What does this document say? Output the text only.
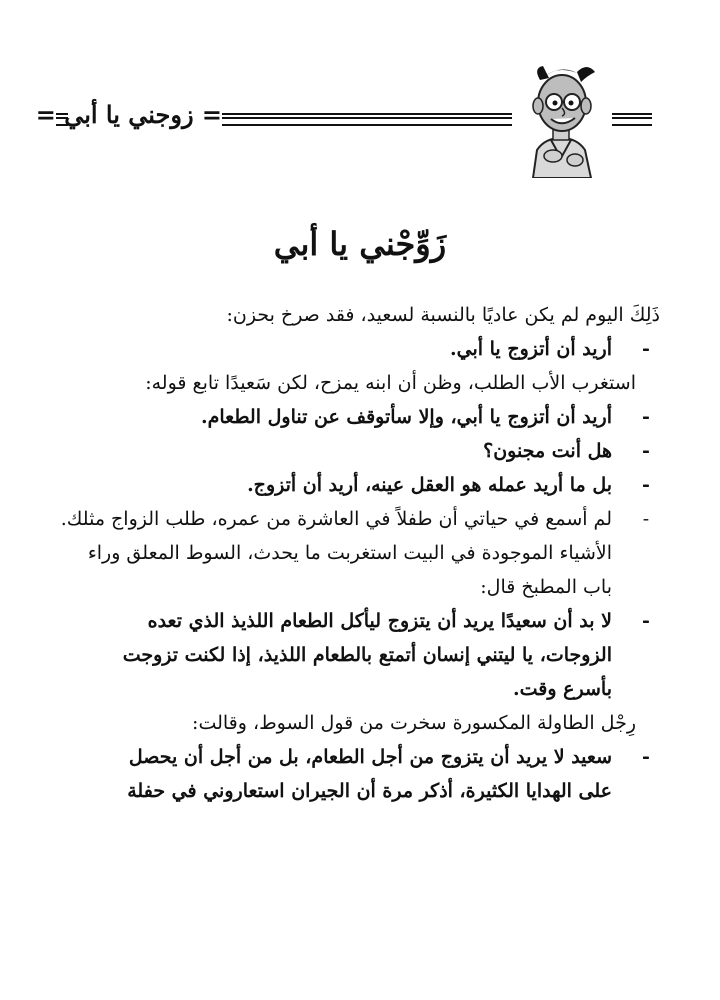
= زوجني يا أبي =
زَوِّجْني يا أبي
ذَلِكَ اليوم لم يكن عاديًا بالنسبة لسعيد، فقد صرخ بحزن:
-
أريد أن أتزوج يا أبي.
استغرب الأب الطلب، وظن أن ابنه يمزح، لكن سَعيدًا تابع قوله:
-
أريد أن أتزوج يا أبي، وإلا سأتوقف عن تناول الطعام.
-
هل أنت مجنون؟
-
بل ما أريد عمله هو العقل عينه، أريد أن أتزوج.
-
لم أسمع في حياتي أن طفلاً في العاشرة من عمره، طلب الزواج مثلك.
الأشياء الموجودة في البيت استغربت ما يحدث، السوط المعلق وراء
باب المطبخ قال:
-
لا بد أن سعيدًا يريد أن يتزوج ليأكل الطعام اللذيذ الذي تعده
الزوجات، يا ليتني إنسان أتمتع بالطعام اللذيذ، إذا لكنت تزوجت
بأسرع وقت.
رِجْل الطاولة المكسورة سخرت من قول السوط، وقالت:
-
سعيد لا يريد أن يتزوج من أجل الطعام، بل من أجل أن يحصل
على الهدايا الكثيرة، أذكر مرة أن الجيران استعاروني في حفلة
